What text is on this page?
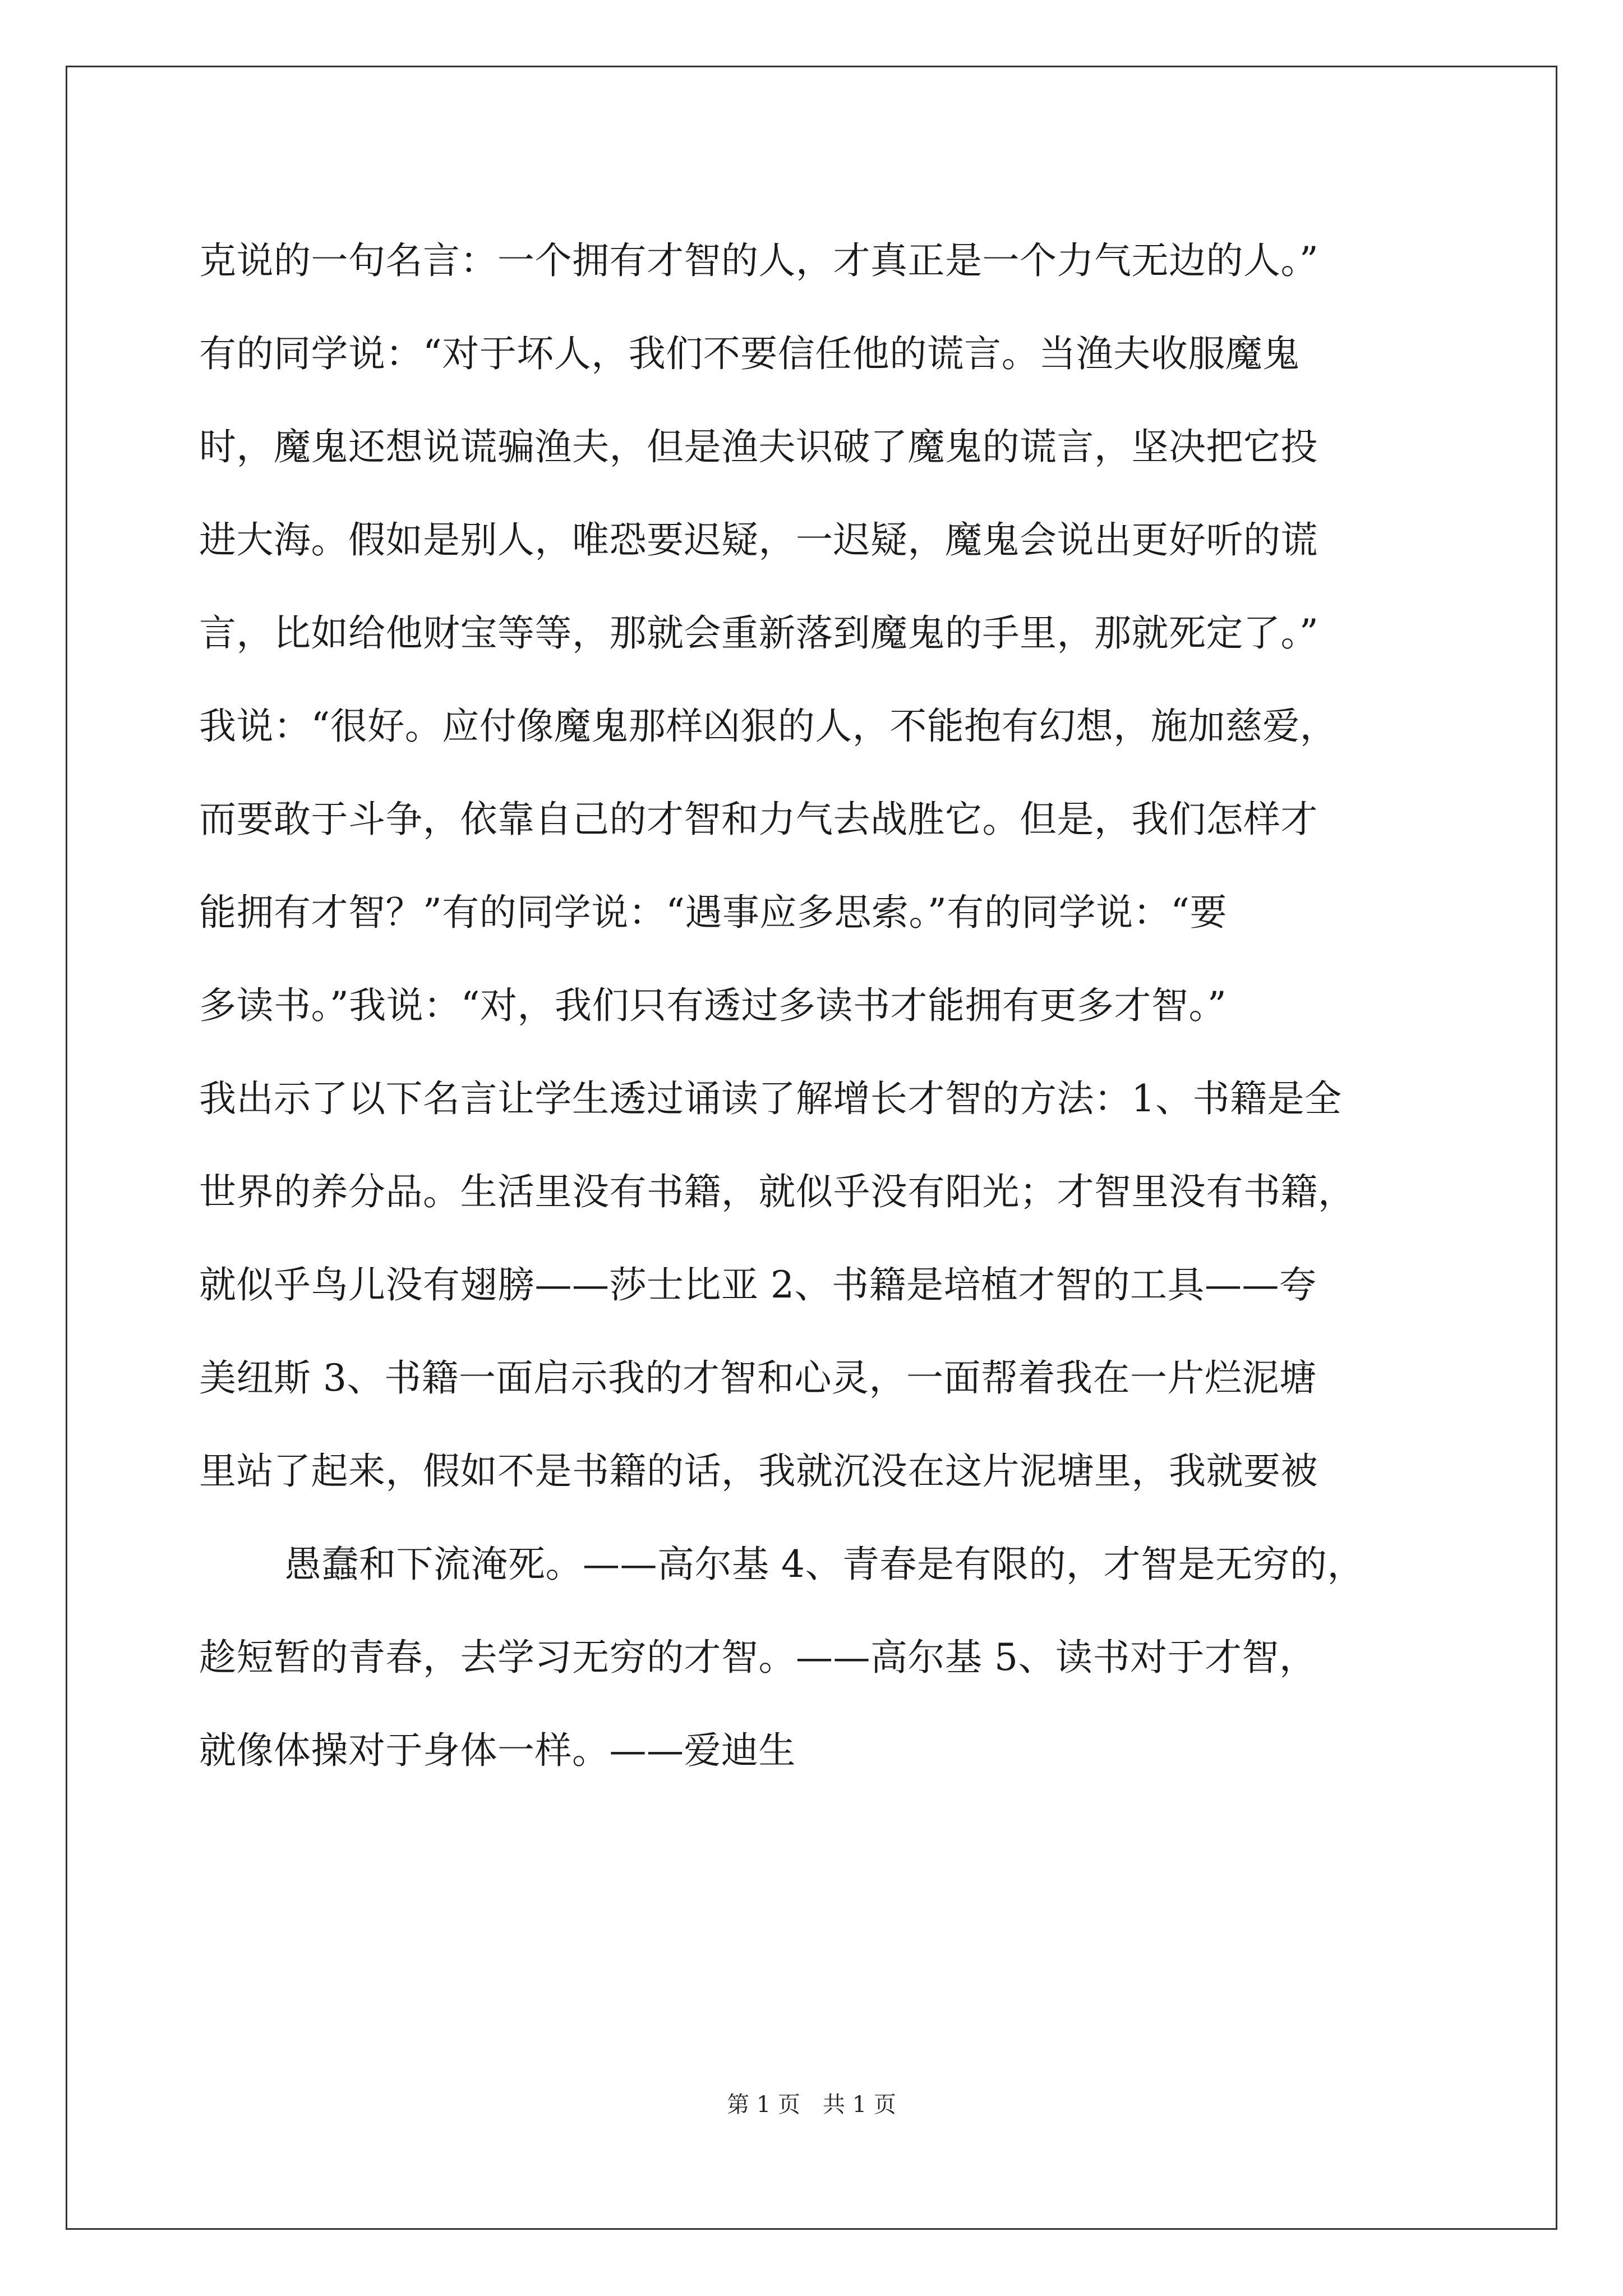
克说的一句名言：一个拥有才智的人，才真正是一个力气无边的人。”
有的同学说：“对于坏人，我们不要信任他的谎言。当渔夫收服魔鬼
时，魔鬼还想说谎骗渔夫，但是渔夫识破了魔鬼的谎言，坚决把它投
进大海。假如是别人，唯恐要迟疑，一迟疑，魔鬼会说出更好听的谎
言，比如给他财宝等等，那就会重新落到魔鬼的手里，那就死定了。”
我说：“很好。应付像魔鬼那样凶狠的人，不能抱有幻想，施加慈爱，
而要敢于斗争，依靠自己的才智和力气去战胜它。但是，我们怎样才
能拥有才智？”有的同学说：“遇事应多思索。”有的同学说：“要
多读书。”我说：“对，我们只有透过多读书才能拥有更多才智。”
我出示了以下名言让学生透过诵读了解增长才智的方法：1、书籍是全
世界的养分品。生活里没有书籍，就似乎没有阳光；才智里没有书籍，
就似乎鸟儿没有翅膀——莎士比亚 2、书籍是培植才智的工具——夸
美纽斯 3、书籍一面启示我的才智和心灵，一面帮着我在一片烂泥塘
里站了起来，假如不是书籍的话，我就沉没在这片泥塘里，我就要被
愚蠢和下流淹死。——高尔基 4、青春是有限的，才智是无穷的，
趁短暂的青春，去学习无穷的才智。——高尔基 5、读书对于才智，
就像体操对于身体一样。——爱迪生
第 1 页　共 1 页
